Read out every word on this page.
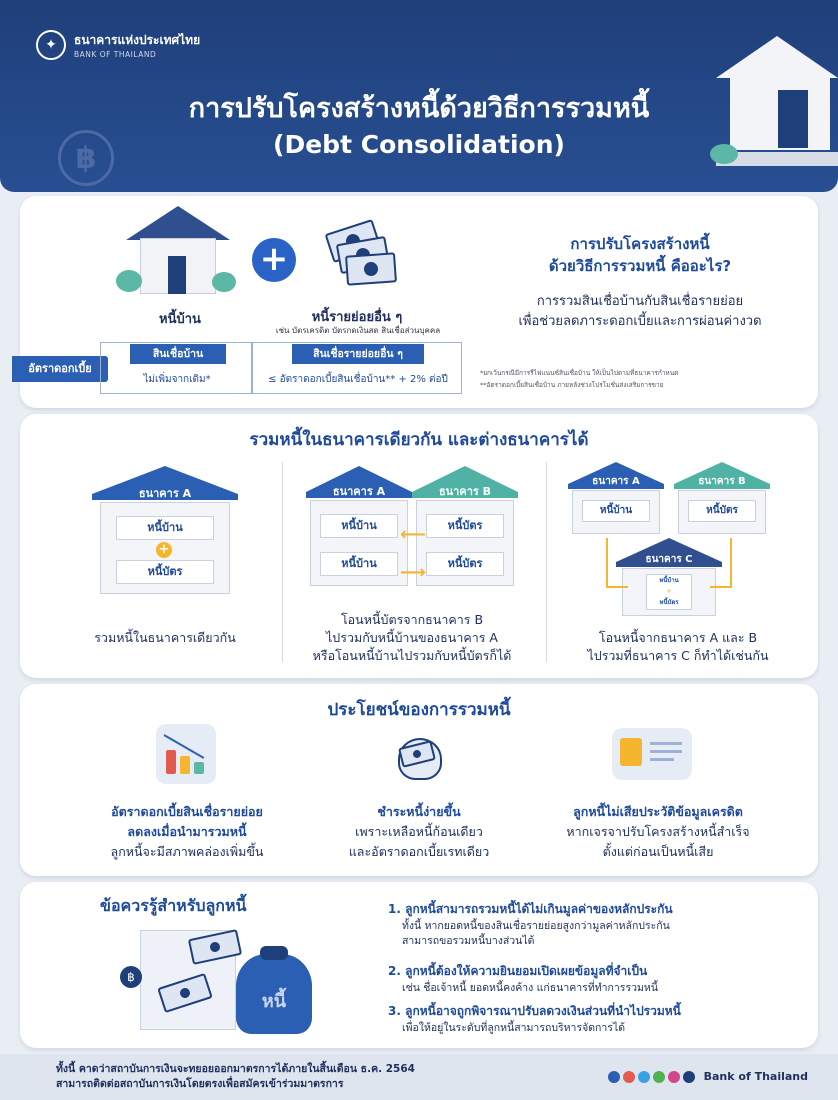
✦	ธนาคารแห่งประเทศไทย
BANK OF THAILAND
฿
การปรับโครงสร้างหนี้ด้วยวิธีการรวมหนี้
(Debt Consolidation)
หนี้บ้าน
+
หนี้รายย่อยอื่น ๆ
เช่น บัตรเครดิต บัตรกดเงินสด สินเชื่อส่วนบุคคล
การปรับโครงสร้างหนี้
ด้วยวิธีการรวมหนี้ คืออะไร?
การรวมสินเชื่อบ้านกับสินเชื่อรายย่อย
เพื่อช่วยลดภาระดอกเบี้ยและการผ่อนค่างวด
อัตราดอกเบี้ย
สินเชื่อบ้าน	สินเชื่อรายย่อยอื่น ๆ
ไม่เพิ่มจากเดิม*	≤ อัตราดอกเบี้ยสินเชื่อบ้าน** + 2% ต่อปี
*ยกเว้นกรณีมีการรีไฟแนนซ์สินเชื่อบ้าน ให้เป็นไปตามที่ธนาคารกำหนด
**อัตราดอกเบี้ยสินเชื่อบ้าน ภายหลังช่วงโปรโมชั่นส่งเสริมการขาย
รวมหนี้ในธนาคารเดียวกัน และต่างธนาคารได้
ธนาคาร A
หนี้บ้าน
+
หนี้บัตร
รวมหนี้ในธนาคารเดียวกัน
ธนาคาร A
หนี้บ้าน
หนี้บ้าน
ธนาคาร B
หนี้บัตร
หนี้บัตร
⟵
⟶
โอนหนี้บัตรจากธนาคาร B
ไปรวมกับหนี้บ้านของธนาคาร A
หรือโอนหนี้บ้านไปรวมกับหนี้บัตรก็ได้
ธนาคาร A
หนี้บ้าน
ธนาคาร B
หนี้บัตร
ธนาคาร C
หนี้บ้าน
+
หนี้บัตร
โอนหนี้จากธนาคาร A และ B
ไปรวมที่ธนาคาร C ก็ทำได้เช่นกัน
ประโยชน์ของการรวมหนี้
อัตราดอกเบี้ยสินเชื่อรายย่อย
ลดลงเมื่อนำมารวมหนี้
ลูกหนี้จะมีสภาพคล่องเพิ่มขึ้น
ชำระหนี้ง่ายขึ้น
เพราะเหลือหนี้ก้อนเดียว
และอัตราดอกเบี้ยเรทเดียว
ลูกหนี้ไม่เสียประวัติข้อมูลเครดิต
หากเจรจาปรับโครงสร้างหนี้สำเร็จ
ตั้งแต่ก่อนเป็นหนี้เสีย
ข้อควรรู้สำหรับลูกหนี้
฿
หนี้
1. ลูกหนี้สามารถรวมหนี้ได้ไม่เกินมูลค่าของหลักประกัน
ทั้งนี้ หากยอดหนี้ของสินเชื่อรายย่อยสูงกว่ามูลค่าหลักประกัน
สามารถขอรวมหนี้บางส่วนได้
2. ลูกหนี้ต้องให้ความยินยอมเปิดเผยข้อมูลที่จำเป็น
เช่น ชื่อเจ้าหนี้ ยอดหนี้คงค้าง แก่ธนาคารที่ทำการรวมหนี้
3. ลูกหนี้อาจถูกพิจารณาปรับลดวงเงินส่วนที่นำไปรวมหนี้
เพื่อให้อยู่ในระดับที่ลูกหนี้สามารถบริหารจัดการได้
ทั้งนี้ คาดว่าสถาบันการเงินจะทยอยออกมาตรการได้ภายในสิ้นเดือน ธ.ค. 2564
สามารถติดต่อสถาบันการเงินโดยตรงเพื่อสมัครเข้าร่วมมาตรการ
Bank of Thailand
